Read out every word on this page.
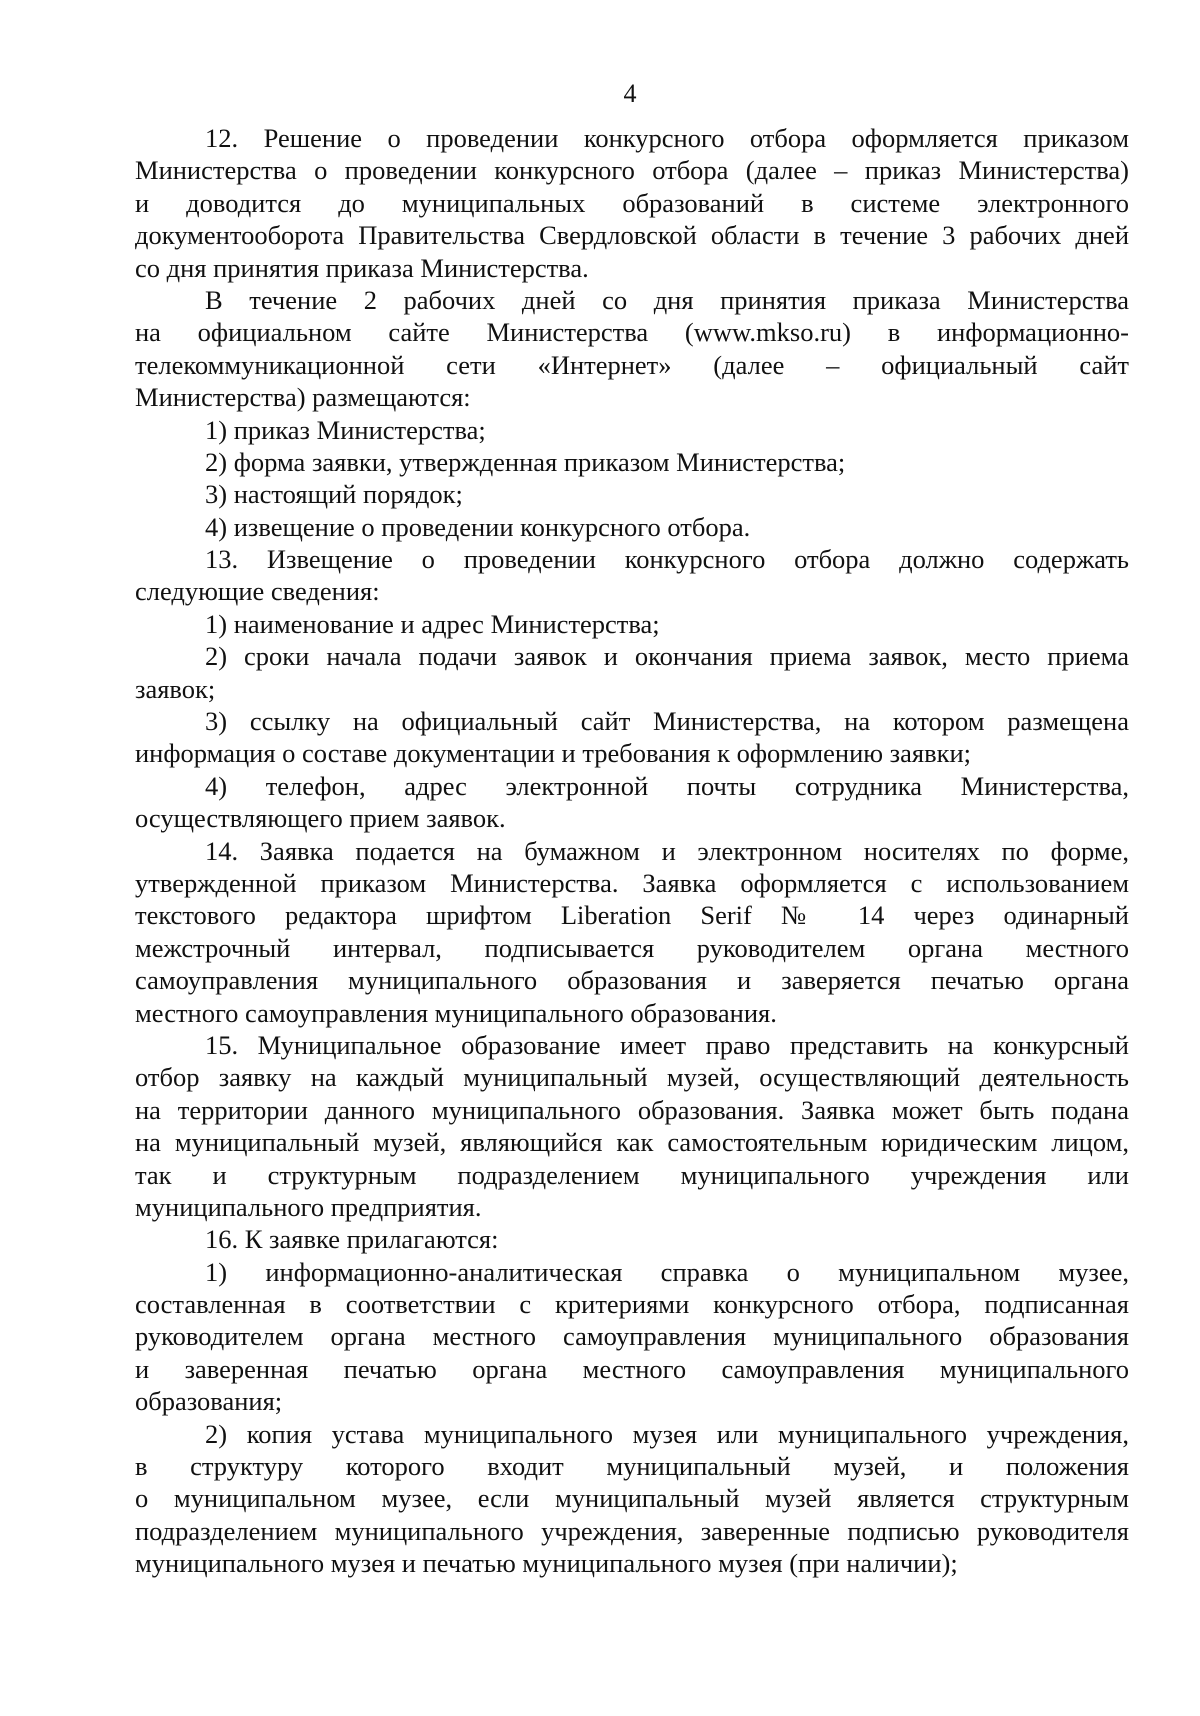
4
12. Решение о проведении конкурсного отбора оформляется приказом
Министерства о проведении конкурсного отбора (далее – приказ Министерства)
и доводится до муниципальных образований в системе электронного
документооборота Правительства Свердловской области в течение 3 рабочих дней
со дня принятия приказа Министерства.
В течение 2 рабочих дней со дня принятия приказа Министерства
на официальном сайте Министерства (www.mkso.ru) в информационно-
телекоммуникационной сети «Интернет» (далее – официальный сайт
Министерства) размещаются:
1) приказ Министерства;
2) форма заявки, утвержденная приказом Министерства;
3) настоящий порядок;
4) извещение о проведении конкурсного отбора.
13. Извещение о проведении конкурсного отбора должно содержать
следующие сведения:
1) наименование и адрес Министерства;
2) сроки начала подачи заявок и окончания приема заявок, место приема
заявок;
3) ссылку на официальный сайт Министерства, на котором размещена
информация о составе документации и требования к оформлению заявки;
4) телефон, адрес электронной почты сотрудника Министерства,
осуществляющего прием заявок.
14. Заявка подается на бумажном и электронном носителях по форме,
утвержденной приказом Министерства. Заявка оформляется с использованием
текстового редактора шрифтом Liberation Serif № 14 через одинарный
межстрочный интервал, подписывается руководителем органа местного
самоуправления муниципального образования и заверяется печатью органа
местного самоуправления муниципального образования.
15. Муниципальное образование имеет право представить на конкурсный
отбор заявку на каждый муниципальный музей, осуществляющий деятельность
на территории данного муниципального образования. Заявка может быть подана
на муниципальный музей, являющийся как самостоятельным юридическим лицом,
так и структурным подразделением муниципального учреждения или
муниципального предприятия.
16. К заявке прилагаются:
1) информационно-аналитическая справка о муниципальном музее,
составленная в соответствии с критериями конкурсного отбора, подписанная
руководителем органа местного самоуправления муниципального образования
и заверенная печатью органа местного самоуправления муниципального
образования;
2) копия устава муниципального музея или муниципального учреждения,
в структуру которого входит муниципальный музей, и положения
о муниципальном музее, если муниципальный музей является структурным
подразделением муниципального учреждения, заверенные подписью руководителя
муниципального музея и печатью муниципального музея (при наличии);
